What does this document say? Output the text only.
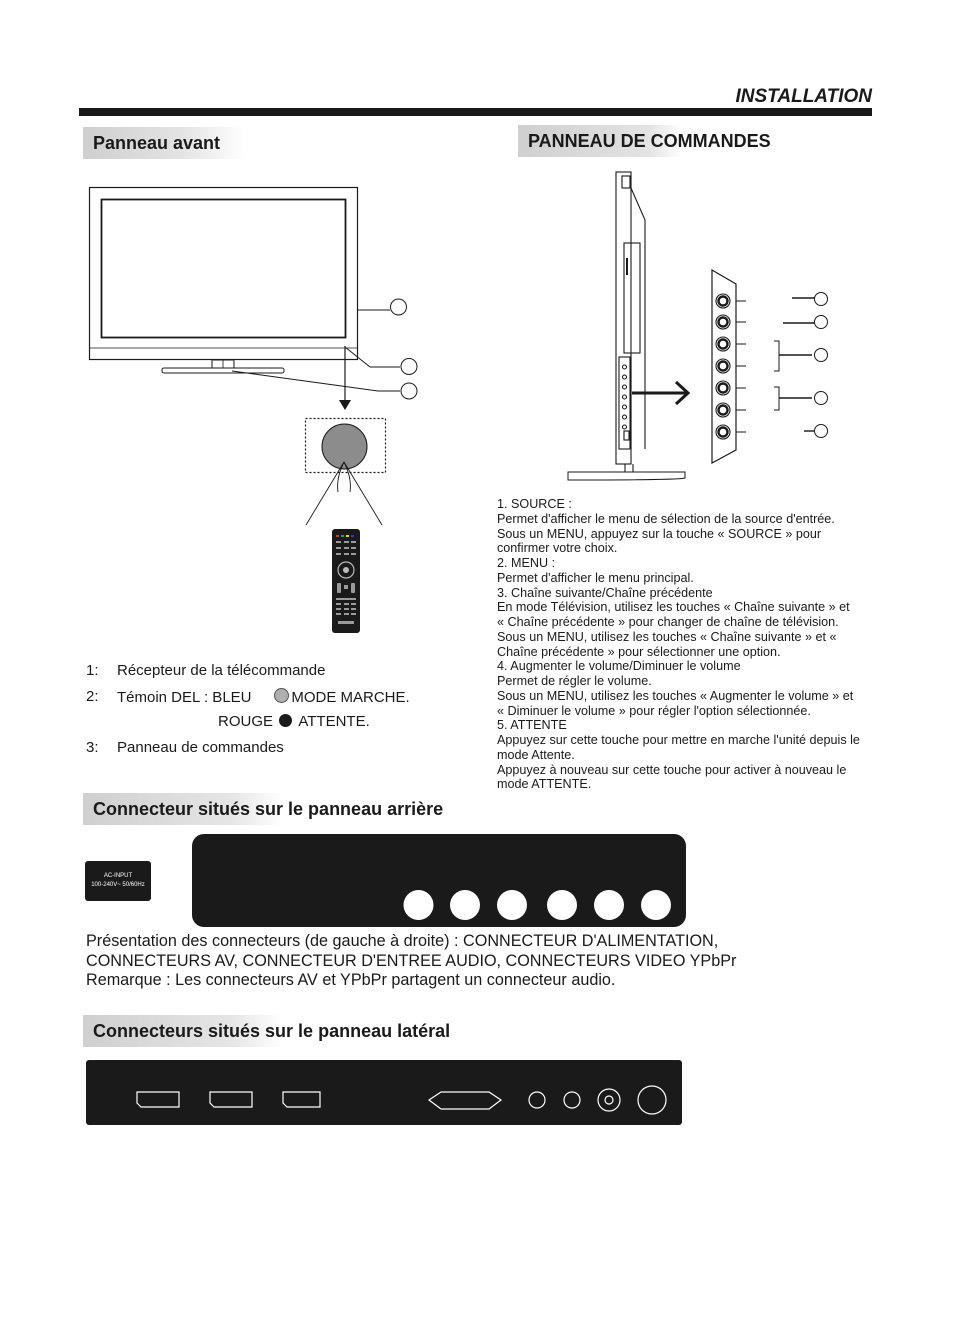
INSTALLATION
Panneau avant	PANNEAU DE COMMANDES
Connecteur situés sur le panneau arrière
Connecteurs situés sur le panneau latéral
1: Récepteur de la télécommande
2: Témoin DEL : BLEU	MODE MARCHE.
ROUGE ATTENTE.
3: Panneau de commandes

1. SOURCE :

Permet d'afficher le menu de sélection de la source d'entrée.

Sous un MENU, appuyez sur la touche « SOURCE » pour

confirmer votre choix.

2. MENU :

Permet d'afficher le menu principal.

3. Chaîne suivante/Chaîne précédente

En mode Télévision, utilisez les touches « Chaîne suivante » et

« Chaîne précédente » pour changer de chaîne de télévision.

Sous un MENU, utilisez les touches « Chaîne suivante » et «

Chaîne précédente » pour sélectionner une option.

4. Augmenter le volume/Diminuer le volume

Permet de régler le volume.

Sous un MENU, utilisez les touches « Augmenter le volume » et

« Diminuer le volume » pour régler l'option sélectionnée.

5. ATTENTE

Appuyez sur cette touche pour mettre en marche l'unité depuis le

mode Attente.

Appuyez à nouveau sur cette touche pour activer à nouveau le

mode ATTENTE.

AC-INPUT
100-240V~ 50/60Hz

Présentation des connecteurs (de gauche à droite) : CONNECTEUR D'ALIMENTATION,

CONNECTEURS AV, CONNECTEUR D'ENTREE AUDIO, CONNECTEURS VIDEO YPbPr

Remarque : Les connecteurs AV et YPbPr partagent un connecteur audio.
